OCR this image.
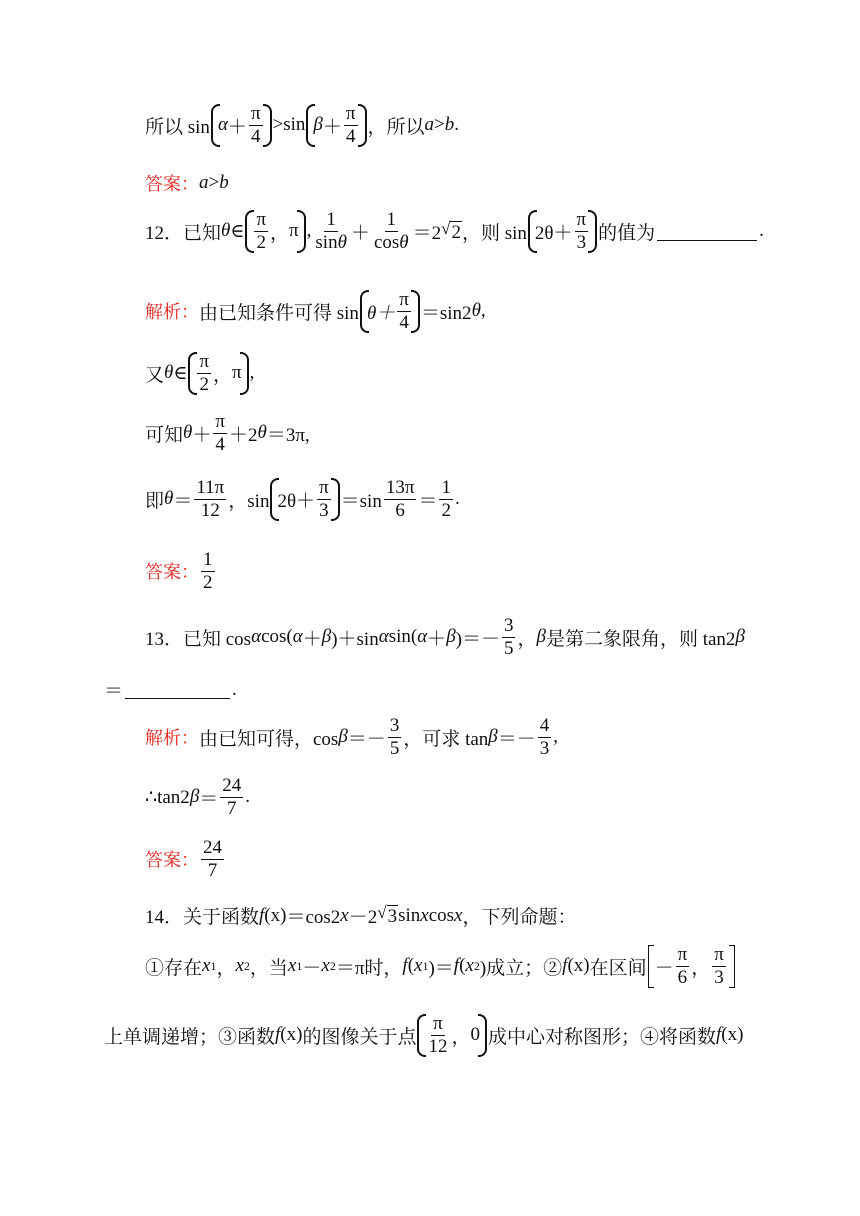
所以 $\sin \alpha + \frac{\pi}{4} >\sin$ $\beta + \frac{\pi}{4}$ ，所以 a > b .
答案： a > b
12．已知 θ ∈ $\frac{\pi}{2}$ ， π , $\frac{1}{\sin\theta} + \frac{1}{\cos\theta} =2$ √ 2 ，则 $\sin 2\theta+ \frac{\pi}{3}$ 的值为	.
解析： 由已知条件可得 $\sin \theta+ \frac{\pi}{4} =\sin 2$ θ ,
又 θ ∈ $\frac{\pi}{2}$ ， π ,
可知 $\theta + \frac{\pi}{4} +2$ θ ＝3π,
即 $\theta = \frac{11\pi}{12}$ ，$\sin 2\theta+ \frac{\pi}{3} =\sin \frac{13\pi}{6} = \frac{1}{2}$ .
答案： $\frac{1}{2}$
13．已知 cos α cos( α ＋ β )＋sin α sin( α ＋ β )＝－ $\frac{3}{5}$ ， β 是第二象限角，则 tan2 β
＝	.
解析： 由已知可得，$\cos \beta =- \frac{3}{5}$ ，可求 $\tan \beta =- \frac{4}{3}$ ,
∴tan2 $\beta = \frac{24}{7}$ .
答案： $\frac{24}{7}$
14．关于函数 f (x) ＝cos2 x －2 √ 3 sin x cos x ，下列命题：
①存在 x 1 ， x 2 ，当 x 1 － x 2 ＝π时， f ( x 1 )＝ f ( x 2 )成立；② f (x) 在区间 － $\frac{\pi}{6}$ ， $\frac{\pi}{3}$
上单调递增；③函数 f (x) 的图像关于点 $\frac{\pi}{12}$ ， 0 成中心对称图形；④将函数 f (x)
